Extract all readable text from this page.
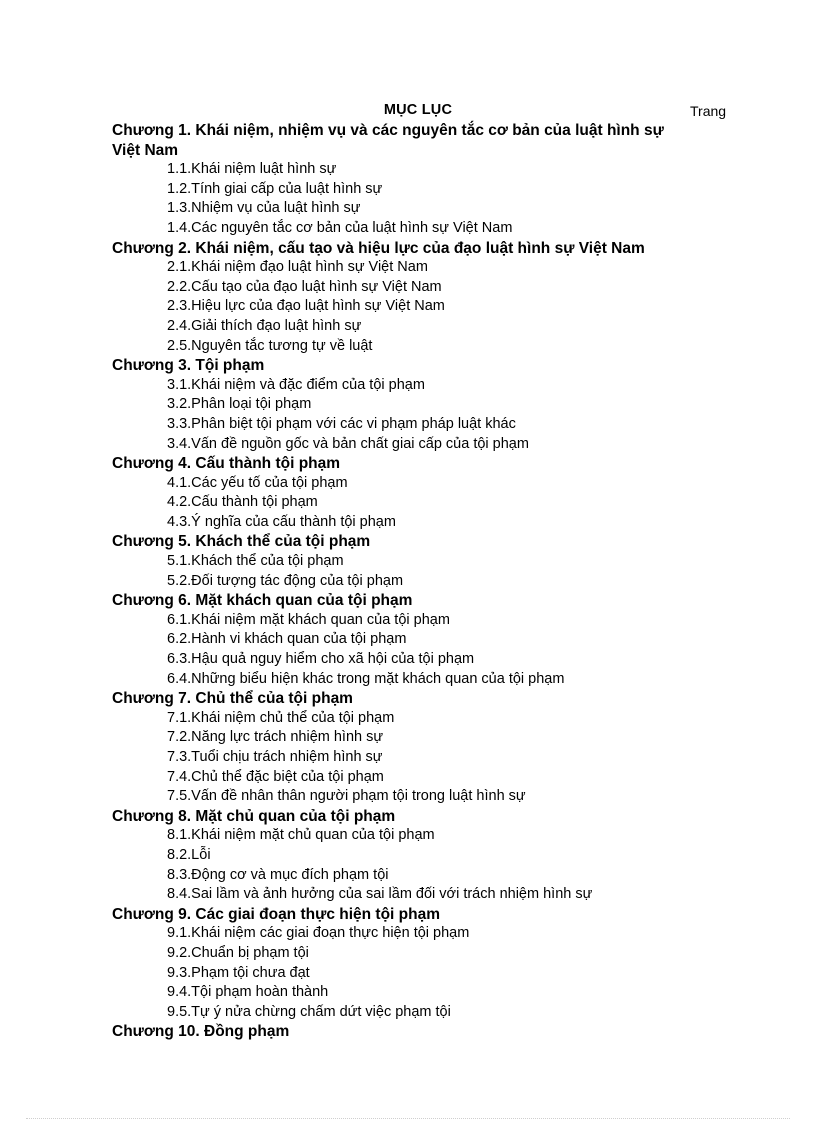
MỤC LỤC	Trang
Chương 1. Khái niệm, nhiệm vụ và các nguyên tắc cơ bản của luật hình sự Việt Nam
1.1.Khái niệm luật hình sự
1.2.Tính giai cấp của luật hình sự
1.3.Nhiệm vụ của luật hình sự
1.4.Các nguyên tắc cơ bản của luật hình sự Việt Nam
Chương 2. Khái niệm, cấu tạo và hiệu lực của đạo luật hình sự Việt Nam
2.1.Khái niệm đạo luật hình sự Việt Nam
2.2.Cấu tạo của đạo luật hình sự Việt Nam
2.3.Hiệu lực của đạo luật hình sự Việt Nam
2.4.Giải thích đạo luật hình sự
2.5.Nguyên tắc tương tự về luật
Chương 3. Tội phạm
3.1.Khái niệm và đặc điểm của tội phạm
3.2.Phân loại tội phạm
3.3.Phân biệt tội phạm với các vi phạm pháp luật khác
3.4.Vấn đề nguồn gốc và bản chất giai cấp của tội phạm
Chương 4. Cấu thành tội phạm
4.1.Các yếu tố của tội phạm
4.2.Cấu thành tội phạm
4.3.Ý nghĩa của cấu thành tội phạm
Chương 5. Khách thể của tội phạm
5.1.Khách thể của tội phạm
5.2.Đối tượng tác động của tội phạm
Chương 6. Mặt khách quan của tội phạm
6.1.Khái niệm mặt khách quan của tội phạm
6.2.Hành vi khách quan của tội phạm
6.3.Hậu quả nguy hiểm cho xã hội của tội phạm
6.4.Những biểu hiện khác trong mặt khách quan của tội phạm
Chương 7. Chủ thể của tội phạm
7.1.Khái niệm chủ thể của tội phạm
7.2.Năng lực trách nhiệm hình sự
7.3.Tuổi chịu trách nhiệm hình sự
7.4.Chủ thể đặc biệt của tội phạm
7.5.Vấn đề nhân thân người phạm tội trong luật hình sự
Chương 8. Mặt chủ quan của tội phạm
8.1.Khái niệm mặt chủ quan của tội phạm
8.2.Lỗi
8.3.Động cơ và mục đích phạm tội
8.4.Sai lầm và ảnh hưởng của sai lầm đối với trách nhiệm hình sự
Chương 9. Các giai đoạn thực hiện tội phạm
9.1.Khái niệm các giai đoạn thực hiện tội phạm
9.2.Chuẩn bị phạm tội
9.3.Phạm tội chưa đạt
9.4.Tội phạm hoàn thành
9.5.Tự ý nửa chừng chấm dứt việc phạm tội
Chương 10. Đồng phạm
